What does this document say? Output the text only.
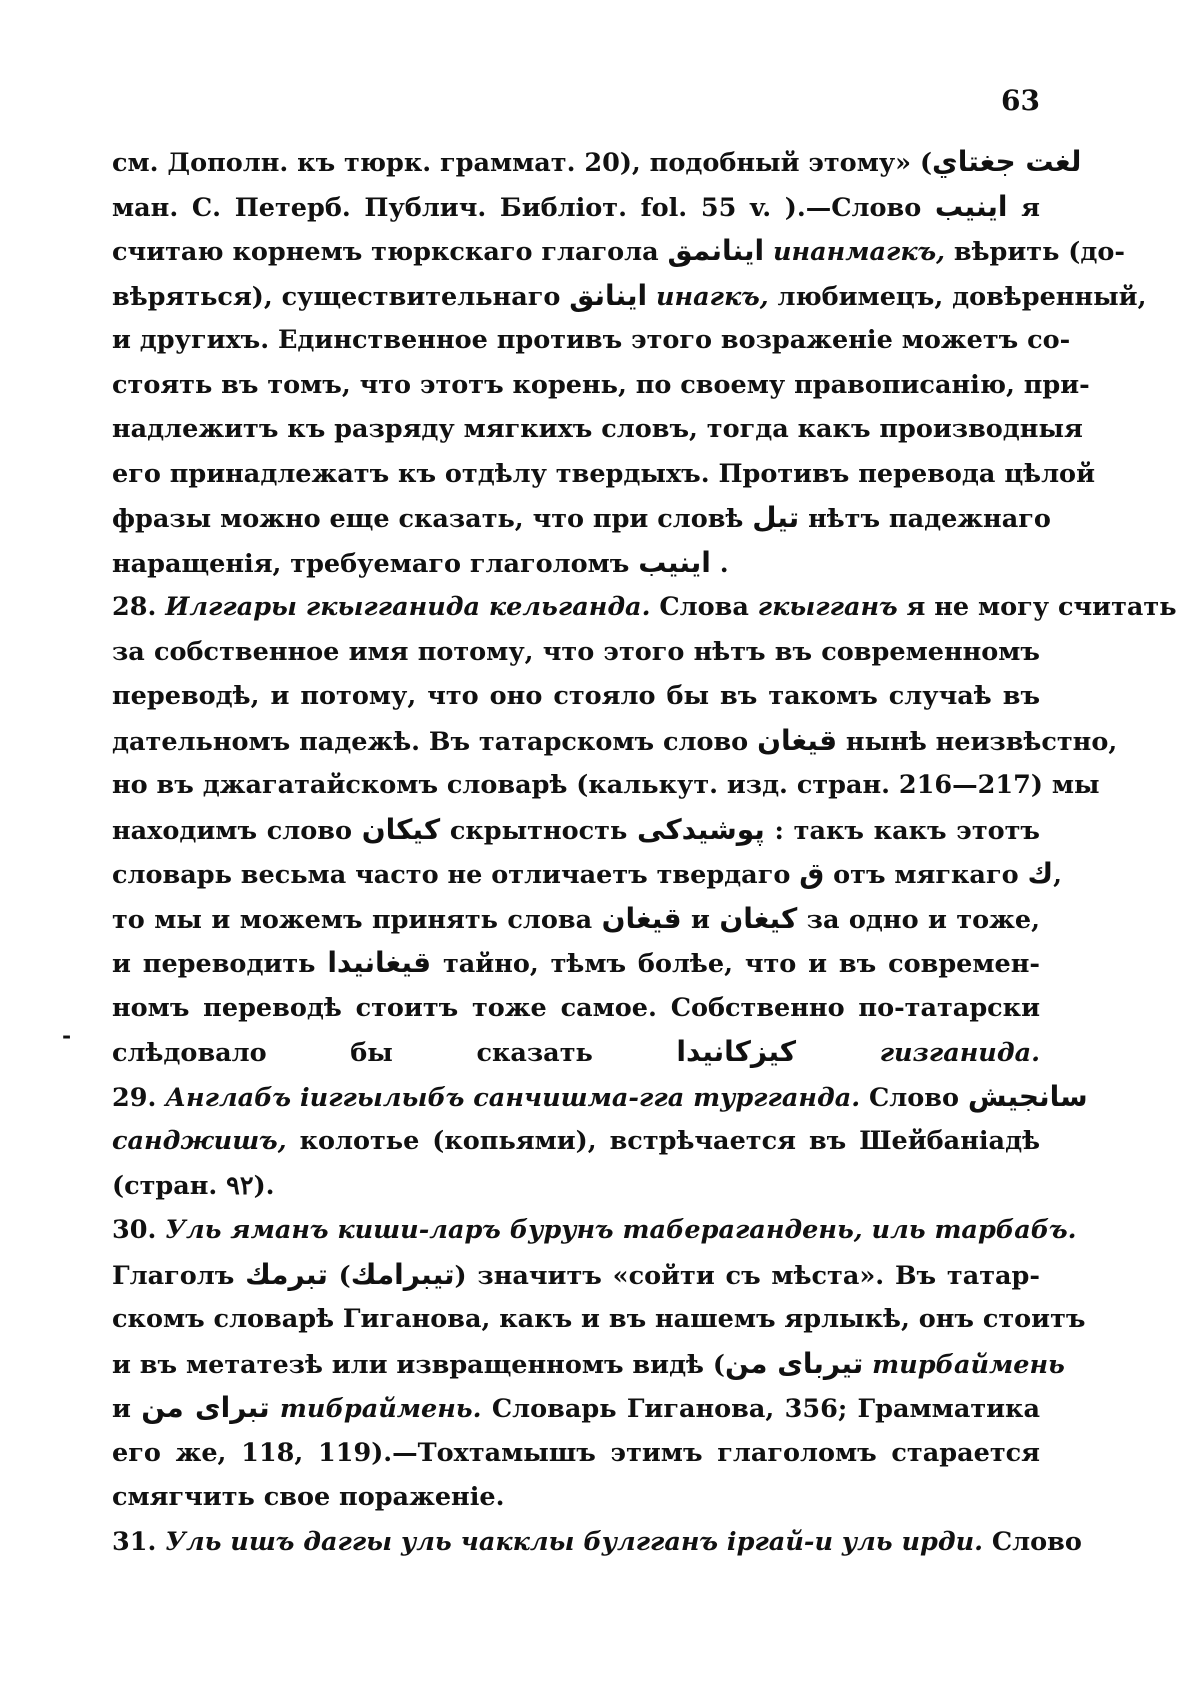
63
-
см. Дополн. къ тюрк. граммат. 20), подобный этому» (لغت جغتاي
ман. С. Петерб. Публич. Библiот. fol. 55 v. ).—Слово اینیب я
считаю корнемъ тюркскаго глагола اينانمق инанмагкъ, вѣрить (до-
вѣряться), существительнаго اینانق инагкъ, любимецъ, довѣренный,
и другихъ. Единственное противъ этого возраженiе можетъ со-
стоять въ томъ, что этотъ корень, по своему правописанiю, при-
надлежитъ къ разряду мягкихъ словъ, тогда какъ производныя
его принадлежатъ къ отдѣлу твердыхъ. Противъ перевода цѣлой
фразы можно еще сказать, что при словѣ تیل нѣтъ падежнаго
наращенiя, требуемаго глаголомъ اینیب .
28. Илггары гкыгганида кельганда. Слова гкыгганъ я не могу считать
за собственное имя потому, что этого нѣтъ въ современномъ
переводѣ, и потому, что оно стояло бы въ такомъ случаѣ въ
дательномъ падежѣ. Въ татарскомъ слово قیغان нынѣ неизвѣстно,
но въ джагатайскомъ словарѣ (калькут. изд. стран. 216—217) мы
находимъ слово کیکان скрытность پوشیدکی : такъ какъ этотъ
словарь весьма часто не отличаетъ твердаго ق отъ мягкаго ك,
то мы и можемъ принять слова قیغان и کیغان за одно и тоже,
и переводить قیغانیدا тайно, тѣмъ болѣе, что и въ современ-
номъ переводѣ стоитъ тоже самое. Собственно по-татарски
слѣдовало бы сказать کیزکانیدا	гизганида.
29. Англабъ iиггылыбъ санчишма-гга тургганда. Слово سانجیش
санджишъ, колотье (копьями), встрѣчается въ Шейбанiадѣ
(стран. ٩٢).
30. Уль яманъ киши-ларъ бурунъ таберагандень, иль тарбабъ.
Глаголъ تبرمك (تیبرامك) значитъ «сойти съ мѣста». Въ татар-
скомъ словарѣ Гиганова, какъ и въ нашемъ ярлыкѣ, онъ стоитъ
и въ метатезѣ или извращенномъ видѣ (تیربای من тирбаймень
и تبرای من тибраймень. Словарь Гиганова, 356; Грамматика
его же, 118, 119).—Тохтамышъ этимъ глаголомъ старается
смягчить свое пораженiе.
31. Уль ишъ дaггы уль чакклы булгганъ iргай-и уль ирди. Слово
